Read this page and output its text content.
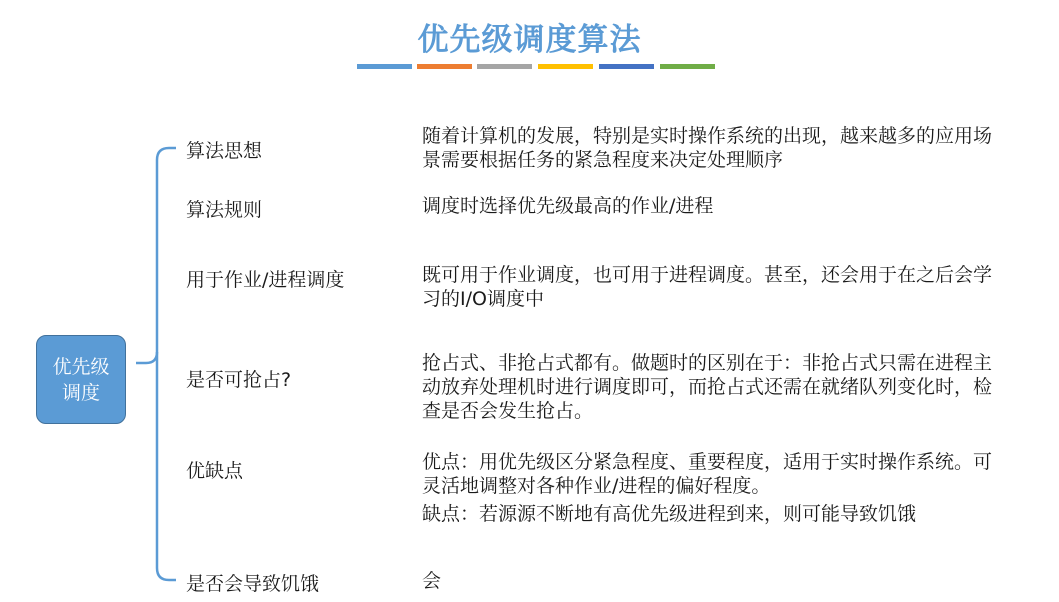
优先级调度算法
优先级调度
算法思想
算法规则
用于作业/进程调度
是否可抢占?
优缺点
是否会导致饥饿

随着计算机的发展，特别是实时操作系统的出现，越来越多的应用场景需要根据任务的紧急程度来决定处理顺序

调度时选择优先级最高的作业/进程

既可用于作业调度，也可用于进程调度。甚至，还会用于在之后会学习的I/O调度中

抢占式、非抢占式都有。做题时的区别在于：非抢占式只需在进程主动放弃处理机时进行调度即可，而抢占式还需在就绪队列变化时，检查是否会发生抢占。

优点：用优先级区分紧急程度、重要程度，适用于实时操作系统。可灵活地调整对各种作业/进程的偏好程度。

缺点：若源源不断地有高优先级进程到来，则可能导致饥饿

会
